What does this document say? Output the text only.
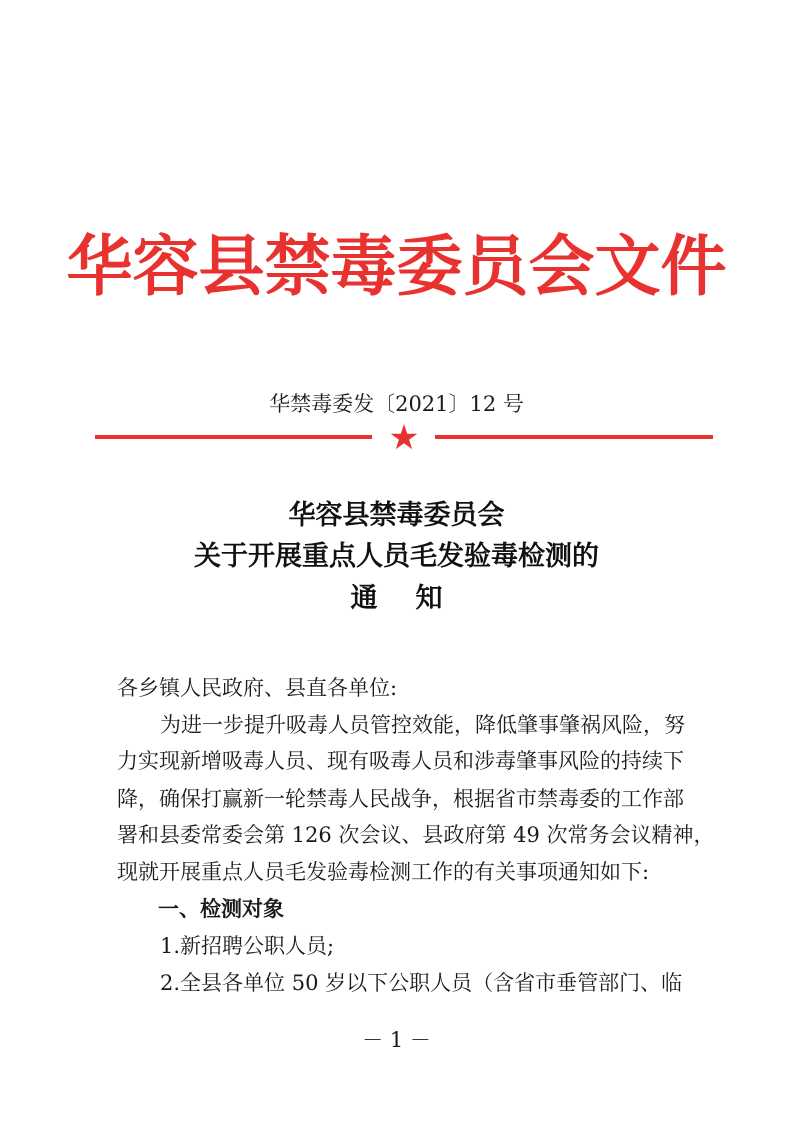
华容县禁毒委员会文件
华禁毒委发〔2021〕12 号
华容县禁毒委员会
关于开展重点人员毛发验毒检测的
通知
各乡镇人民政府、县直各单位:
为进一步提升吸毒人员管控效能，降低肇事肇祸风险，努
力实现新增吸毒人员、现有吸毒人员和涉毒肇事风险的持续下
降，确保打赢新一轮禁毒人民战争，根据省市禁毒委的工作部
署和县委常委会第 126 次会议、县政府第 49 次常务会议精神，
现就开展重点人员毛发验毒检测工作的有关事项通知如下:
一、检测对象
1.新招聘公职人员;
2.全县各单位 50 岁以下公职人员（含省市垂管部门、临
－ 1 －
